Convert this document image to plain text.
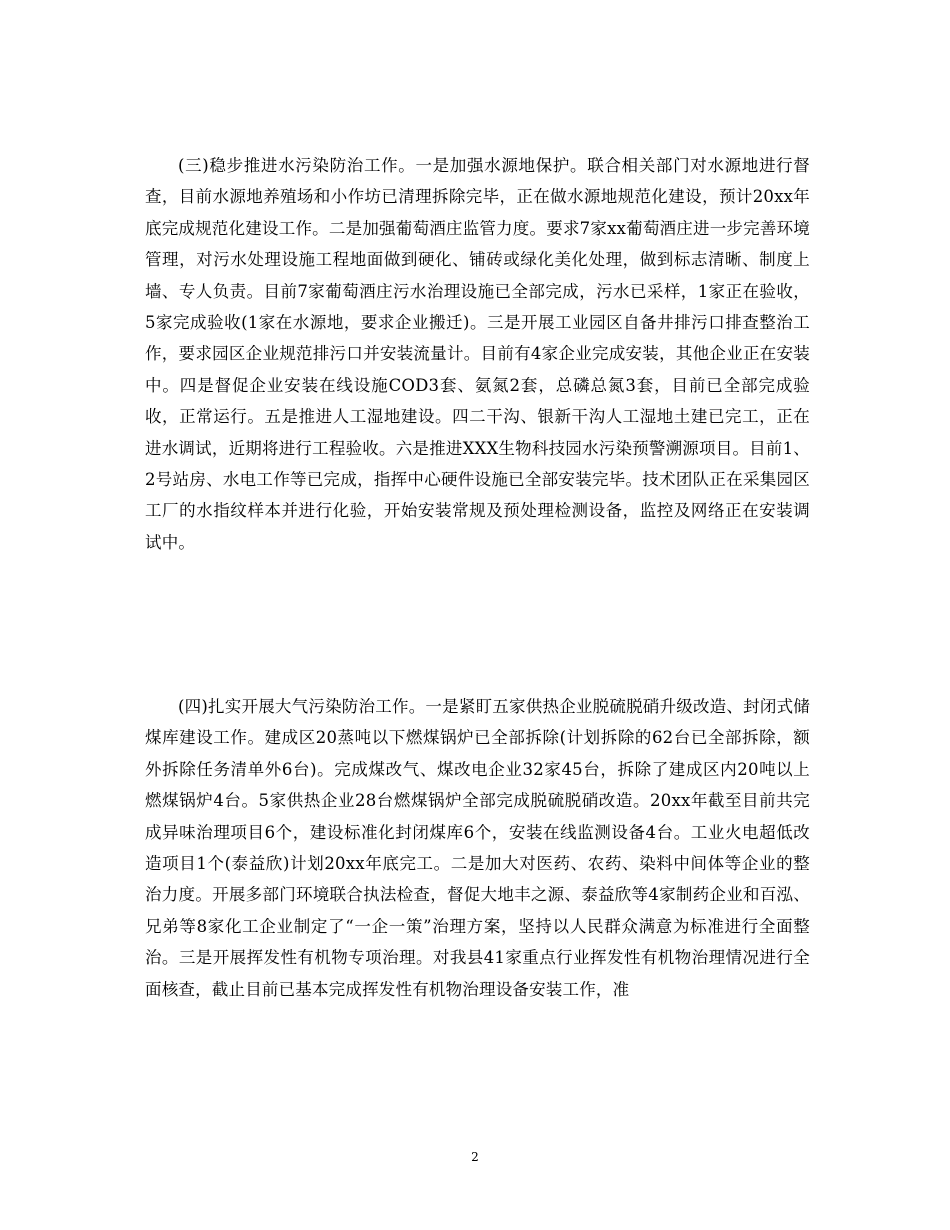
(三)稳步推进水污染防治工作。一是加强水源地保护。联合相关部门对水源地进行督查，目前水源地养殖场和小作坊已清理拆除完毕，正在做水源地规范化建设，预计20xx年底完成规范化建设工作。二是加强葡萄酒庄监管力度。要求7家xx葡萄酒庄进一步完善环境管理，对污水处理设施工程地面做到硬化、铺砖或绿化美化处理，做到标志清晰、制度上墙、专人负责。目前7家葡萄酒庄污水治理设施已全部完成，污水已采样，1家正在验收，5家完成验收(1家在水源地，要求企业搬迁)。三是开展工业园区自备井排污口排查整治工作，要求园区企业规范排污口并安装流量计。目前有4家企业完成安装，其他企业正在安装中。四是督促企业安装在线设施COD3套、氨氮2套，总磷总氮3套，目前已全部完成验收，正常运行。五是推进人工湿地建设。四二干沟、银新干沟人工湿地土建已完工，正在进水调试，近期将进行工程验收。六是推进XXX生物科技园水污染预警溯源项目。目前1、2号站房、水电工作等已完成，指挥中心硬件设施已全部安装完毕。技术团队正在采集园区工厂的水指纹样本并进行化验，开始安装常规及预处理检测设备，监控及网络正在安装调试中。

(四)扎实开展大气污染防治工作。一是紧盯五家供热企业脱硫脱硝升级改造、封闭式储煤库建设工作。建成区20蒸吨以下燃煤锅炉已全部拆除(计划拆除的62台已全部拆除，额外拆除任务清单外6台)。完成煤改气、煤改电企业32家45台，拆除了建成区内20吨以上燃煤锅炉4台。5家供热企业28台燃煤锅炉全部完成脱硫脱硝改造。20xx年截至目前共完成异味治理项目6个，建设标准化封闭煤库6个，安装在线监测设备4台。工业火电超低改造项目1个(泰益欣)计划20xx年底完工。二是加大对医药、农药、染料中间体等企业的整治力度。开展多部门环境联合执法检查，督促大地丰之源、泰益欣等4家制药企业和百泓、兄弟等8家化工企业制定了“一企一策”治理方案，坚持以人民群众满意为标准进行全面整治。三是开展挥发性有机物专项治理。对我县41家重点行业挥发性有机物治理情况进行全面核查，截止目前已基本完成挥发性有机物治理设备安装工作，准

2
